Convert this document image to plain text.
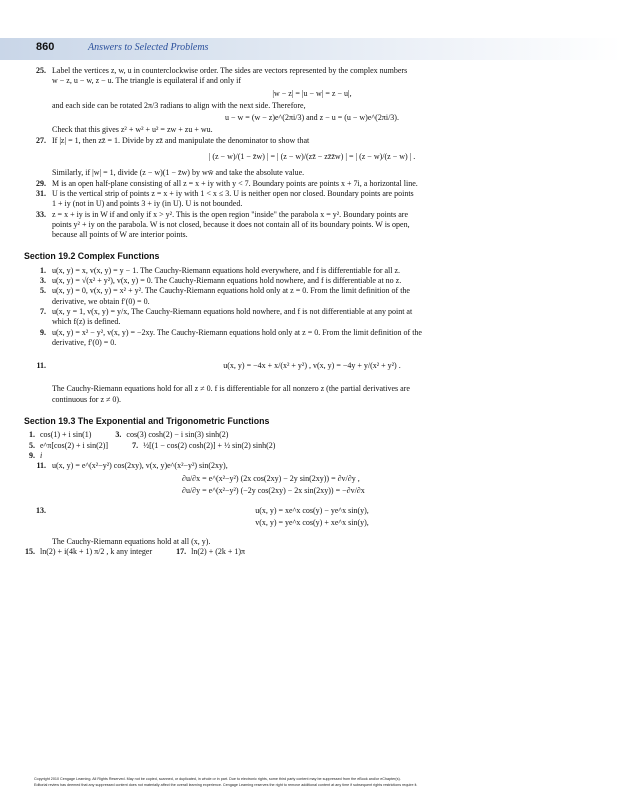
860	Answers to Selected Problems
25. Label the vertices z, w, u in counterclockwise order. The sides are vectors represented by the complex numbers

w − z, u − w, z − u. The triangle is equilateral if and only if

|w − z| = |u − w| = z − u|,

and each side can be rotated 2π/3 radians to align with the next side. Therefore,

u − w = (w − z)e^(2πi/3) and z − u = (u − w)e^(2πi/3).

Check that this gives z² + w² + u² = zw + zu + wu.

27. If |z| = 1, then zz̄ = 1. Divide by zz̄ and manipulate the denominator to show that

| (z − w)/(1 − z̄w) | = | (z − w)/(zz̄ − zz̄z̄w) | = | (z − w)/(z − w) | .

Similarly, if |w| = 1, divide (z − w)(1 − z̄w) by ww̄ and take the absolute value.

29. M is an open half-plane consisting of all z = x + iy with y < 7. Boundary points are points x + 7i, a horizontal line.

31. U is the vertical strip of points z = x + iy with 1 < x ≤ 3. U is neither open nor closed. Boundary points are points

1 + iy (not in U) and points 3 + iy (in U). U is not bounded.

33. z = x + iy is in W if and only if x > y². This is the open region "inside" the parabola x = y². Boundary points are

points y² + iy on the parabola. W is not closed, because it does not contain all of its boundary points. W is open,

because all points of W are interior points.

Section 19.2 Complex Functions
1. u(x, y) = x, v(x, y) = y − 1. The Cauchy-Riemann equations hold everywhere, and f is differentiable for all z.

3. u(x, y) = √(x² + y²), v(x, y) = 0. The Cauchy-Riemann equations hold nowhere, and f is differentiable at no z.

5. u(x, y) = 0, v(x, y) = x² + y². The Cauchy-Riemann equations hold only at z = 0. From the limit definition of the

derivative, we obtain f′(0) = 0.

7. u(x, y = 1, v(x, y) = y/x, The Cauchy-Riemann equations hold nowhere, and f is not differentiable at any point at

which f(z) is defined.

9. u(x, y) = x² − y², v(x, y) = −2xy. The Cauchy-Riemann equations hold only at z = 0. From the limit definition of the

derivative, f′(0) = 0.

11.	u(x, y) = −4x + x/(x² + y²) , v(x, y) = −4y + y/(x² + y²) .

The Cauchy-Riemann equations hold for all z ≠ 0. f is differentiable for all nonzero z (the partial derivatives are

continuous for z ≠ 0).

Section 19.3 The Exponential and Trigonometric Functions
1. cos(1) + i sin(1)	3. cos(3) cosh(2) − i sin(3) sinh(2)
5. e^π[cos(2) + i sin(2)]	7. ½[(1 − cos(2) cosh(2)] + ½ sin(2) sinh(2)
9. i
11. u(x, y) = e^(x²−y²) cos(2xy), v(x, y)e^(x²−y²) sin(2xy),

∂u/∂x = e^(x²−y²) (2x cos(2xy) − 2y sin(2xy)) = ∂v/∂y ,
∂u/∂y = e^(x²−y²) (−2y cos(2xy) − 2x sin(2xy)) = −∂v/∂x
13.	u(x, y) = xe^x cos(y) − ye^x sin(y),
v(x, y) = ye^x cos(y) + xe^x sin(y),

The Cauchy-Riemann equations hold at all (x, y).

15. ln(2) + i(4k + 1) π/2 , k any integer	17. ln(2) + (2k + 1)π
Copyright 2010 Cengage Learning. All Rights Reserved. May not be copied, scanned, or duplicated, in whole or in part. Due to electronic rights, some third party content may be suppressed from the eBook and/or eChapter(s).
Editorial review has deemed that any suppressed content does not materially affect the overall learning experience. Cengage Learning reserves the right to remove additional content at any time if subsequent rights restrictions require it.
